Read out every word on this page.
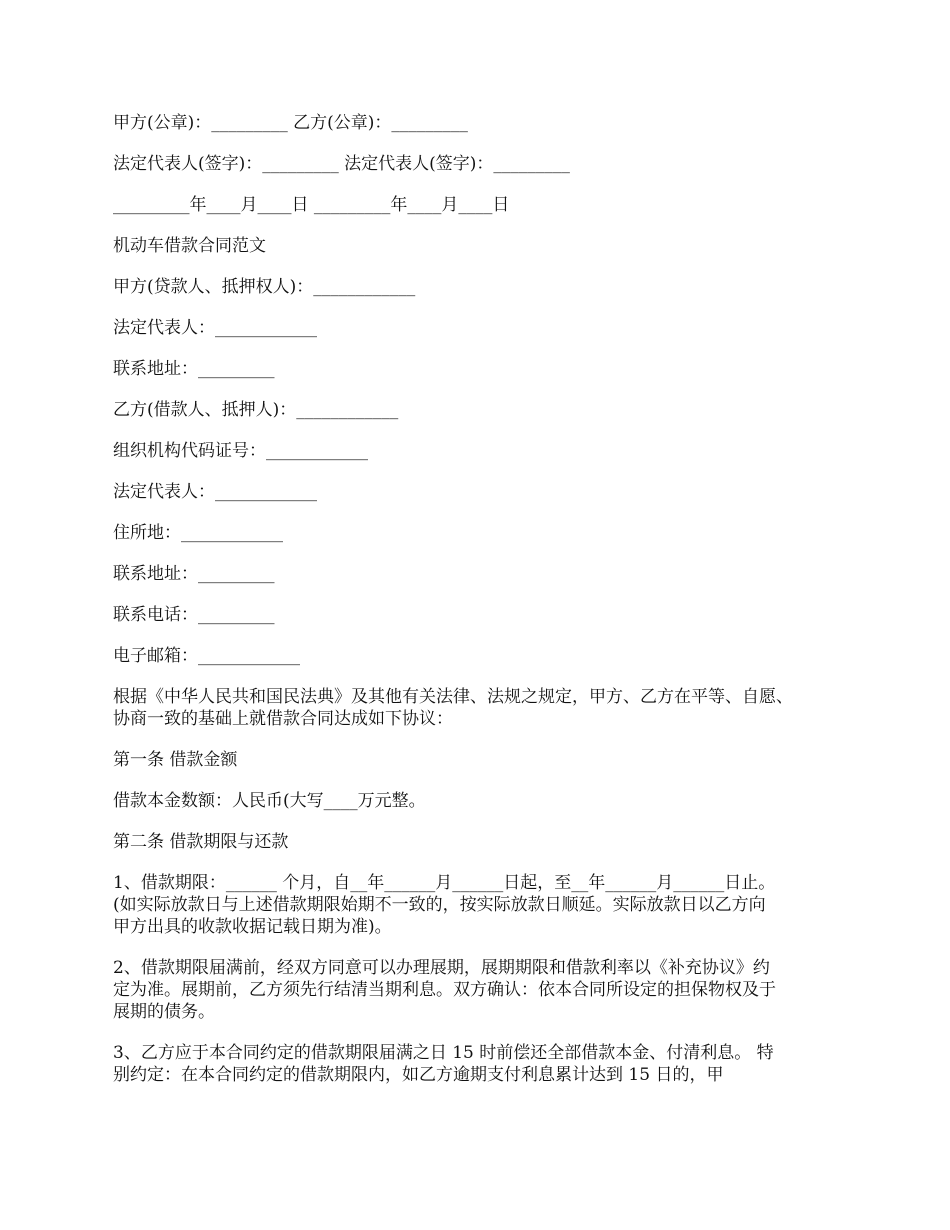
甲方(公章)：_________ 乙方(公章)：_________
法定代表人(签字)：_________ 法定代表人(签字)：_________
_________年____月____日 _________年____月____日
机动车借款合同范文
甲方(贷款人、抵押权人)：____________
法定代表人：____________
联系地址：_________
乙方(借款人、抵押人)：____________
组织机构代码证号：____________
法定代表人：____________
住所地：____________
联系地址：_________
联系电话：_________
电子邮箱：____________
根据《中华人民共和国民法典》及其他有关法律、法规之规定，甲方、乙方在平等、自愿、
协商一致的基础上就借款合同达成如下协议：
第一条 借款金额
借款本金数额：人民币(大写____万元整。
第二条 借款期限与还款
1、借款期限：______ 个月，自__年______月______日起，至__年______月______日止。
(如实际放款日与上述借款期限始期不一致的，按实际放款日顺延。实际放款日以乙方向
甲方出具的收款收据记载日期为准)。
2、借款期限届满前，经双方同意可以办理展期，展期期限和借款利率以《补充协议》约
定为准。展期前，乙方须先行结清当期利息。双方确认：依本合同所设定的担保物权及于
展期的债务。
3、乙方应于本合同约定的借款期限届满之日 15 时前偿还全部借款本金、付清利息。 特
别约定：在本合同约定的借款期限内，如乙方逾期支付利息累计达到 15 日的，甲
